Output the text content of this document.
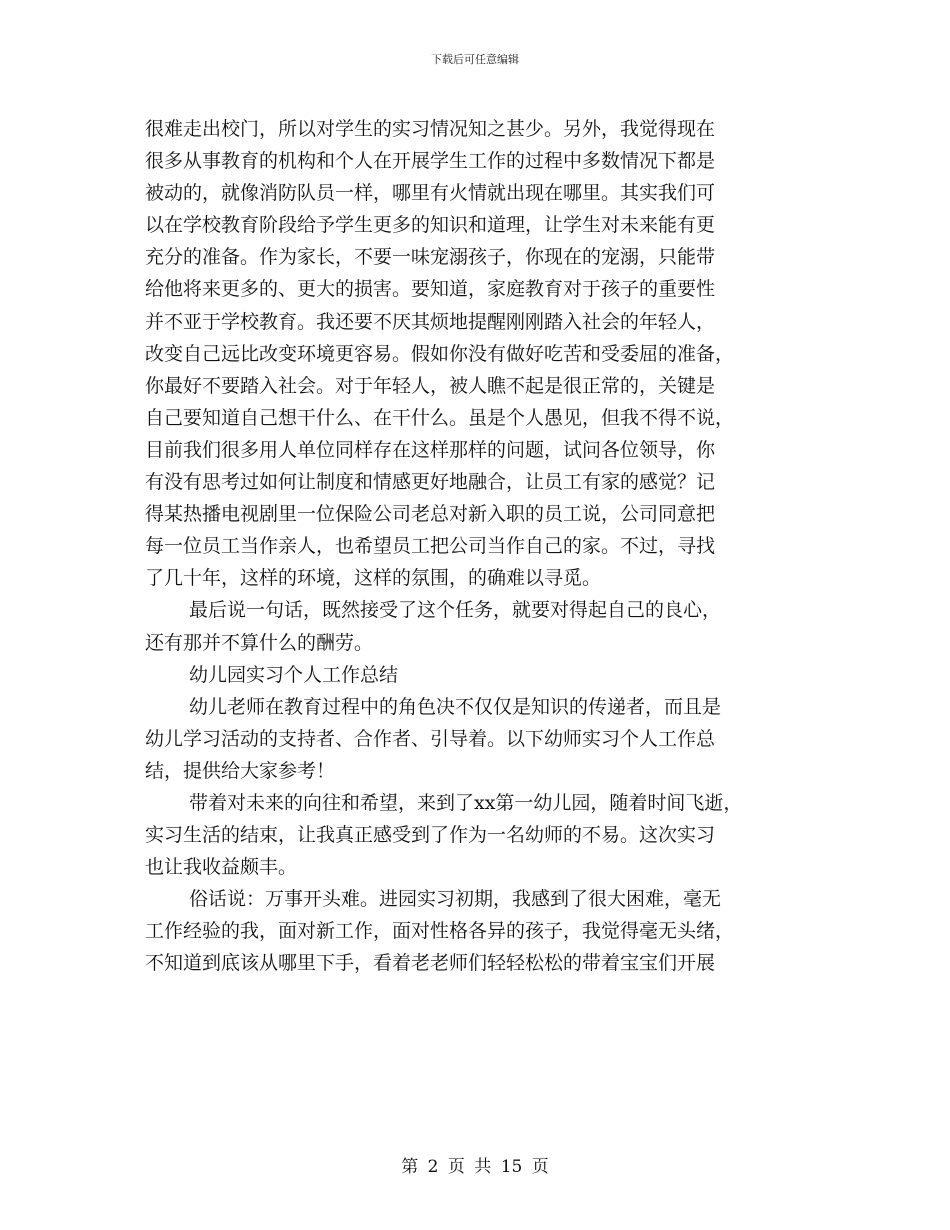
下载后可任意编辑
很难走出校门，所以对学生的实习情况知之甚少。另外，我觉得现在
很多从事教育的机构和个人在开展学生工作的过程中多数情况下都是
被动的，就像消防队员一样，哪里有火情就出现在哪里。其实我们可
以在学校教育阶段给予学生更多的知识和道理，让学生对未来能有更
充分的准备。作为家长，不要一味宠溺孩子，你现在的宠溺，只能带
给他将来更多的、更大的损害。要知道，家庭教育对于孩子的重要性
并不亚于学校教育。我还要不厌其烦地提醒刚刚踏入社会的年轻人，
改变自己远比改变环境更容易。假如你没有做好吃苦和受委屈的准备，
你最好不要踏入社会。对于年轻人，被人瞧不起是很正常的，关键是
自己要知道自己想干什么、在干什么。虽是个人愚见，但我不得不说，
目前我们很多用人单位同样存在这样那样的问题，试问各位领导，你
有没有思考过如何让制度和情感更好地融合，让员工有家的感觉？记
得某热播电视剧里一位保险公司老总对新入职的员工说，公司同意把
每一位员工当作亲人，也希望员工把公司当作自己的家。不过，寻找
了几十年，这样的环境，这样的氛围，的确难以寻觅。
最后说一句话，既然接受了这个任务，就要对得起自己的良心，
还有那并不算什么的酬劳。
幼儿园实习个人工作总结
幼儿老师在教育过程中的角色决不仅仅是知识的传递者，而且是
幼儿学习活动的支持者、合作者、引导着。以下幼师实习个人工作总
结，提供给大家参考！
带着对未来的向往和希望，来到了xx第一幼儿园，随着时间飞逝，
实习生活的结束，让我真正感受到了作为一名幼师的不易。这次实习
也让我收益颇丰。
俗话说：万事开头难。进园实习初期，我感到了很大困难，毫无
工作经验的我，面对新工作，面对性格各异的孩子，我觉得毫无头绪，
不知道到底该从哪里下手，看着老老师们轻轻松松的带着宝宝们开展
第 2 页 共 15 页
